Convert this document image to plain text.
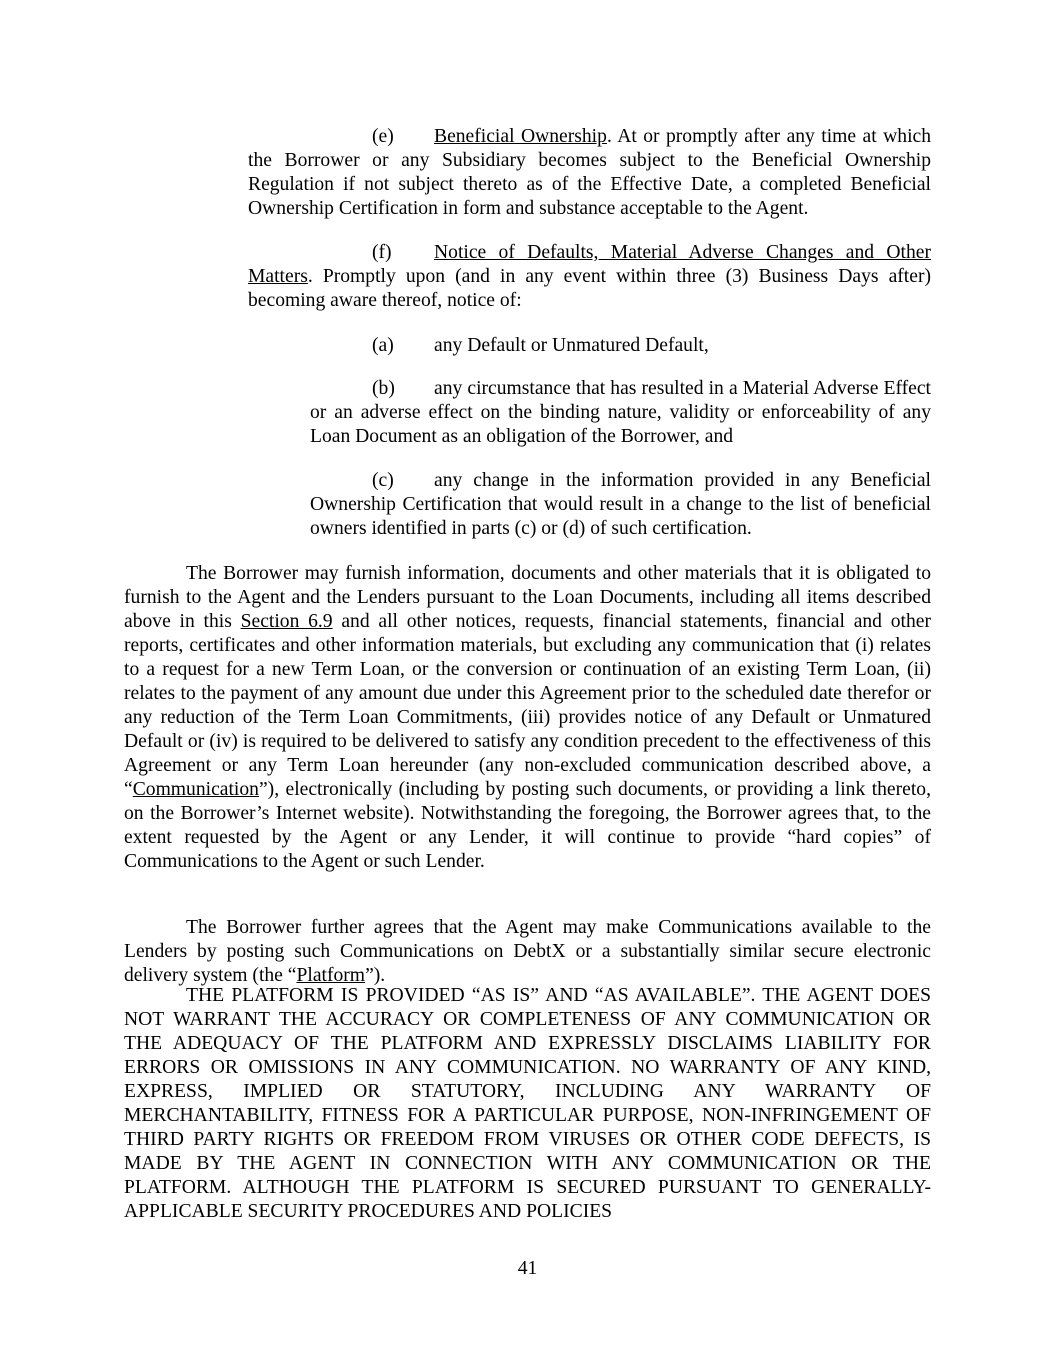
(e) Beneficial Ownership. At or promptly after any time at which the Borrower or any Subsidiary becomes subject to the Beneficial Ownership Regulation if not subject thereto as of the Effective Date, a completed Beneficial Ownership Certification in form and substance acceptable to the Agent.

(f) Notice of Defaults, Material Adverse Changes and Other Matters. Promptly upon (and in any event within three (3) Business Days after) becoming aware thereof, notice of:

(a) any Default or Unmatured Default,

(b) any circumstance that has resulted in a Material Adverse Effect or an adverse effect on the binding nature, validity or enforceability of any Loan Document as an obligation of the Borrower, and

(c) any change in the information provided in any Beneficial Ownership Certification that would result in a change to the list of beneficial owners identified in parts (c) or (d) of such certification.

The Borrower may furnish information, documents and other materials that it is obligated to furnish to the Agent and the Lenders pursuant to the Loan Documents, including all items described above in this Section 6.9 and all other notices, requests, financial statements, financial and other reports, certificates and other information materials, but excluding any communication that (i) relates to a request for a new Term Loan, or the conversion or continuation of an existing Term Loan, (ii) relates to the payment of any amount due under this Agreement prior to the scheduled date therefor or any reduction of the Term Loan Commitments, (iii) provides notice of any Default or Unmatured Default or (iv) is required to be delivered to satisfy any condition precedent to the effectiveness of this Agreement or any Term Loan hereunder (any non-excluded communication described above, a “Communication”), electronically (including by posting such documents, or providing a link thereto, on the Borrower’s Internet website). Notwithstanding the foregoing, the Borrower agrees that, to the extent requested by the Agent or any Lender, it will continue to provide “hard copies” of Communications to the Agent or such Lender.

The Borrower further agrees that the Agent may make Communications available to the Lenders by posting such Communications on DebtX or a substantially similar secure electronic delivery system (the “Platform”).

THE PLATFORM IS PROVIDED “AS IS” AND “AS AVAILABLE”. THE AGENT DOES NOT WARRANT THE ACCURACY OR COMPLETENESS OF ANY COMMUNICATION OR THE ADEQUACY OF THE PLATFORM AND EXPRESSLY DISCLAIMS LIABILITY FOR ERRORS OR OMISSIONS IN ANY COMMUNICATION. NO WARRANTY OF ANY KIND, EXPRESS, IMPLIED OR STATUTORY, INCLUDING ANY WARRANTY OF MERCHANTABILITY, FITNESS FOR A PARTICULAR PURPOSE, NON-INFRINGEMENT OF THIRD PARTY RIGHTS OR FREEDOM FROM VIRUSES OR OTHER CODE DEFECTS, IS MADE BY THE AGENT IN CONNECTION WITH ANY COMMUNICATION OR THE PLATFORM. ALTHOUGH THE PLATFORM IS SECURED PURSUANT TO GENERALLY-APPLICABLE SECURITY PROCEDURES AND POLICIES

41
